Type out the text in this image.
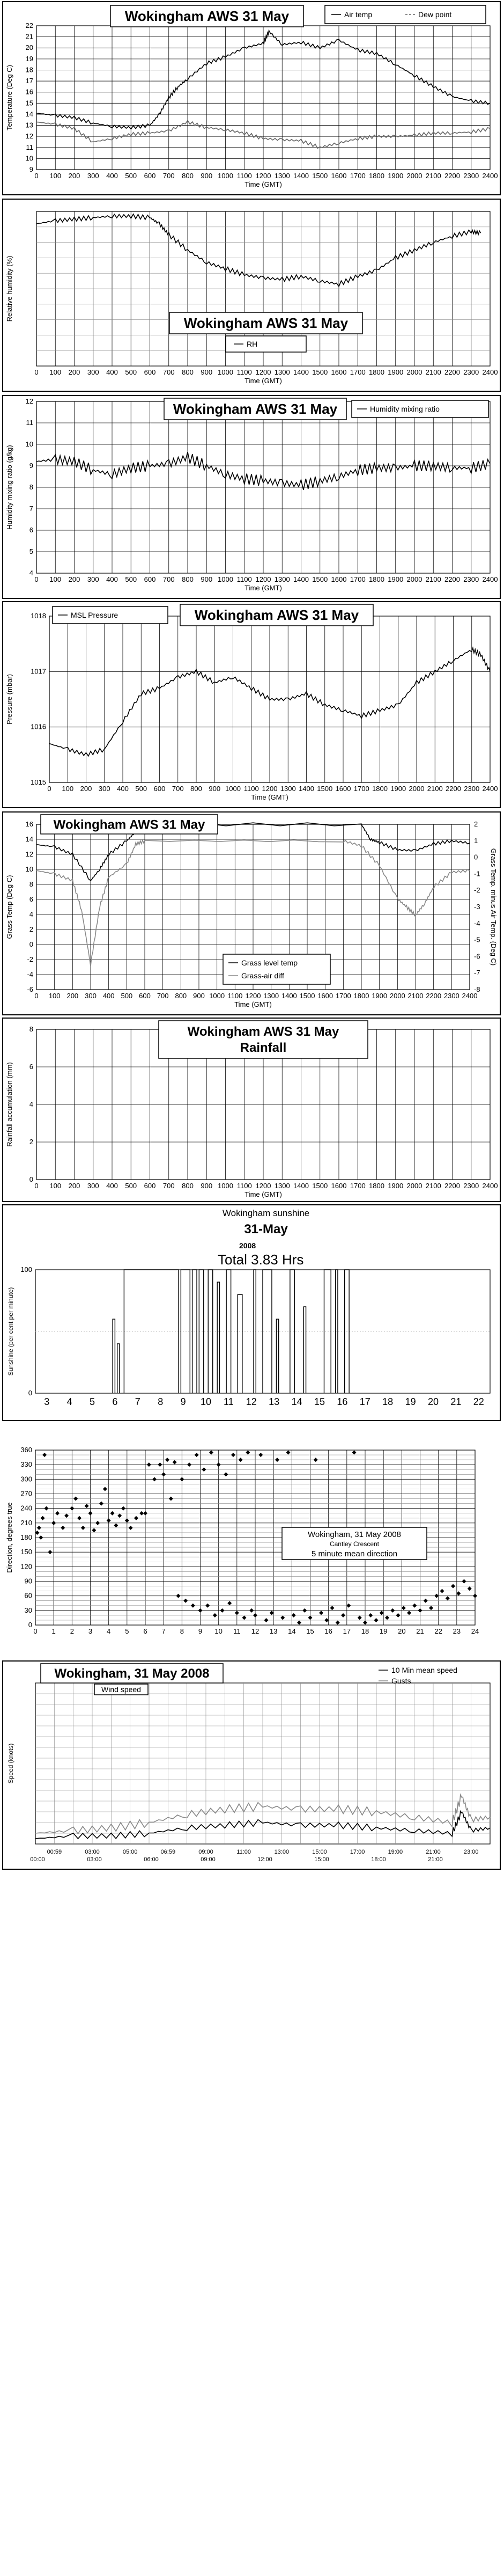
0 100 200 300 400 500 600 700 800 900 1000 1100 1200 1300 1400 1500 1600 1700 1800 1900 2000 2100 2200 2300 2400
9
10
11
12
13
14
15
16
17
18
19
20
21
22
Time (GMT)
Temperature (Deg C)
Wokingham AWS 31 May	Air temp	Dew point
0 100 200 300 400 500 600 700 800 900 1000 1100 1200 1300 1400 1500 1600 1700 1800 1900 2000 2100 2200 2300 2400
Time (GMT)
Relative humidity (%)
Wokingham AWS 31 May
RH
0 100 200 300 400 500 600 700 800 900 1000 1100 1200 1300 1400 1500 1600 1700 1800 1900 2000 2100 2200 2300 2400
4
5
6
7
8
9
10
11
12
Time (GMT)
Humidity mixing ratio (g/kg)
Wokingham AWS 31 May	Humidity mixing ratio
0 100 200 300 400 500 600 700 800 900 1000 1100 1200 1300 1400 1500 1600 1700 1800 1900 2000 2100 2200 2300 2400
1015
1016
1017
1018
Time (GMT)
Pressure (mbar)
Wokingham AWS 31 May
MSL Pressure
0 100 200 300 400 500 600 700 800 900 1000 1100 1200 1300 1400 1500 1600 1700 1800 1900 2000 2100 2200 2300 2400
-6
-4
-2
0
2
4
6
8
10
12
14
16
Time (GMT)
Grass Temp (Deg C)
-8
-7
-6
-5
-4
-3
-2
-1
0
1
2
Grass Temp. minus Air Temp. (Deg C)
Wokingham AWS 31 May
Grass level temp
Grass-air diff
0 100 200 300 400 500 600 700 800 900 1000 1100 1200 1300 1400 1500 1600 1700 1800 1900 2000 2100 2200 2300 2400
0
2
4
6
8
Time (GMT)
Rainfall accumulation (mm)
Wokingham AWS 31 May
Rainfall
3 4 5 6 7 8 9 10 11 12 13 14 15 16 17 18 19 20 21 22
0
100
Sunshine (per cent per minute)
Wokingham sunshine
31-May
2008
Total 3.83 Hrs
0 1 2 3 4 5 6 7 8 9 10 11 12 13 14 15 16 17 18 19 20 21 22 23 24
0
30
60
90
120
150
180
210
240
270
300
330
360
Direction, degrees true	Wokingham, 31 May 2008
Cantley Crescent
5 minute mean direction
00:59	03:00	05:00	06:59	09:00	11:00	13:00	15:00	17:00	19:00	21:00	23:00
00:00	03:00	06:00	09:00	12:00	15:00	18:00	21:00
Speed (knots)
Wokingham, 31 May 2008
Wind speed
10 Min mean speed
Gusts
